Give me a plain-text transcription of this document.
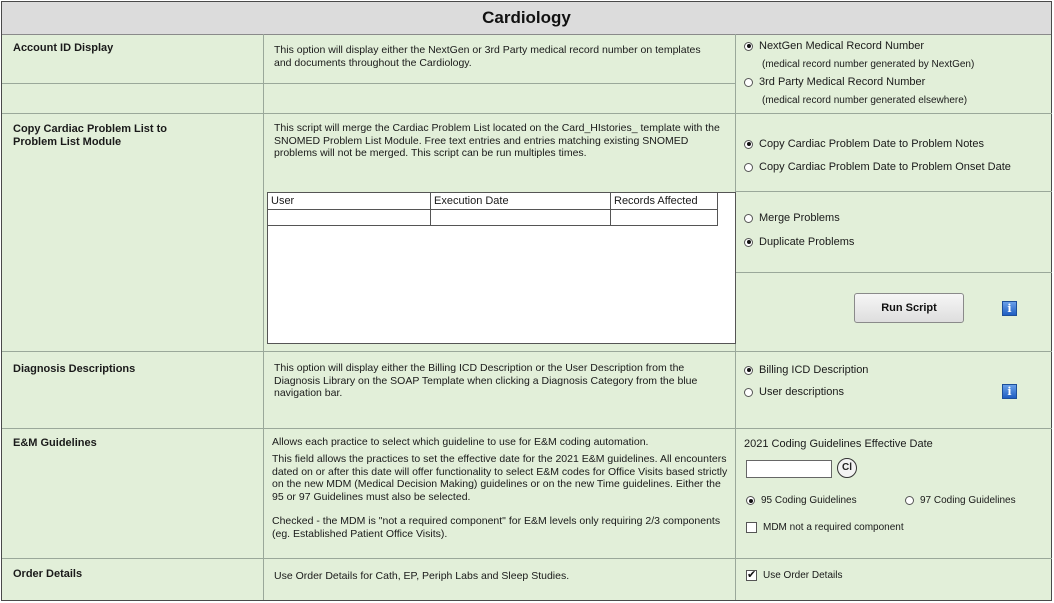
Cardiology
Account ID Display	This option will display either the NextGen or 3rd Party medical record number on templates and documents throughout the Cardiology.
NextGen Medical Record Number
(medical record number generated by NextGen)
3rd Party Medical Record Number
(medical record number generated elsewhere)
Copy Cardiac Problem List to
Problem List Module
This script will merge the Cardiac Problem List located on the Card_HIstories_ template with the SNOMED Problem List Module. Free text entries and entries matching existing SNOMED problems will not be merged. This script can be run multiples times.
User	Execution Date	Records Affected
Copy Cardiac Problem Date to Problem Notes
Copy Cardiac Problem Date to Problem Onset Date
Merge Problems
Duplicate Problems
Run Script	i
Diagnosis Descriptions	This option will display either the Billing ICD Description or the User Description from the Diagnosis Library on the SOAP Template when clicking a Diagnosis Category from the blue navigation bar.
Billing ICD Description
User descriptions	i
E&M Guidelines	Allows each practice to select which guideline to use for E&M coding automation.
This field allows the practices to set the effective date for the 2021 E&M guidelines. All encounters dated on or after this date will offer functionality to select E&M codes for Office Visits based strictly on the new MDM (Medical Decision Making) guidelines or on the new Time guidelines. Either the 95 or 97 Guidelines must also be selected.
Checked - the MDM is "not a required component" for E&M levels only requiring 2/3 components (eg. Established Patient Office Visits).
2021 Coding Guidelines Effective Date
Cl
95 Coding Guidelines	97 Coding Guidelines
MDM not a required component
Order Details	Use Order Details for Cath, EP, Periph Labs and Sleep Studies.
✔	Use Order Details
